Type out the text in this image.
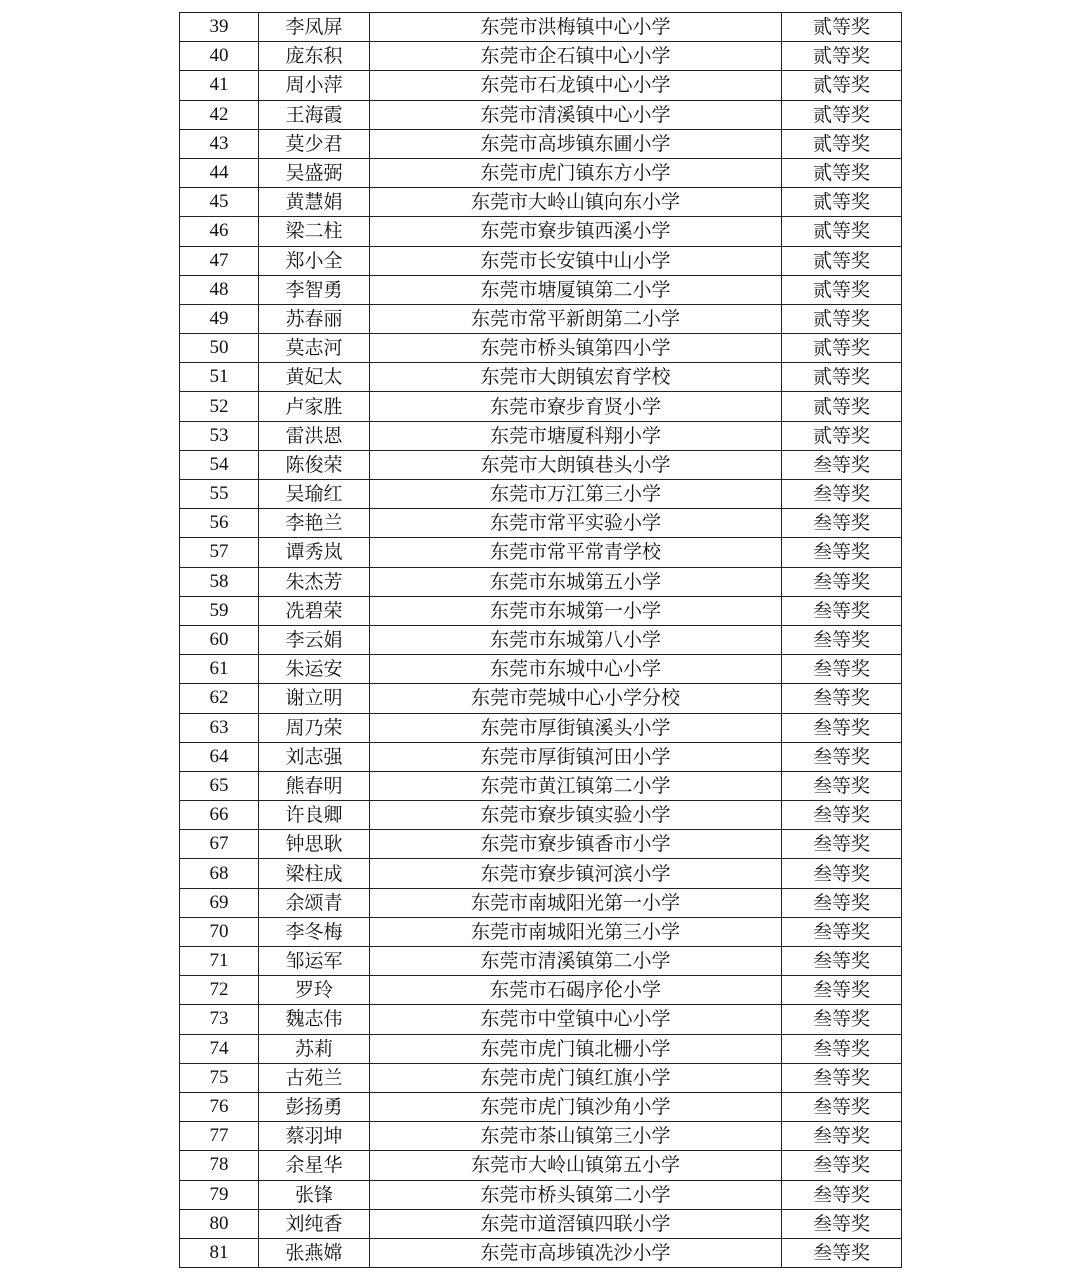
39	李凤屏	东莞市洪梅镇中心小学	贰等奖
40	庞东积	东莞市企石镇中心小学	贰等奖
41	周小萍	东莞市石龙镇中心小学	贰等奖
42	王海霞	东莞市清溪镇中心小学	贰等奖
43	莫少君	东莞市高埗镇东圃小学	贰等奖
44	吴盛弼	东莞市虎门镇东方小学	贰等奖
45	黄慧娟	东莞市大岭山镇向东小学	贰等奖
46	梁二柱	东莞市寮步镇西溪小学	贰等奖
47	郑小全	东莞市长安镇中山小学	贰等奖
48	李智勇	东莞市塘厦镇第二小学	贰等奖
49	苏春丽	东莞市常平新朗第二小学	贰等奖
50	莫志河	东莞市桥头镇第四小学	贰等奖
51	黄妃太	东莞市大朗镇宏育学校	贰等奖
52	卢家胜	东莞市寮步育贤小学	贰等奖
53	雷洪恩	东莞市塘厦科翔小学	贰等奖
54	陈俊荣	东莞市大朗镇巷头小学	叁等奖
55	吴瑜红	东莞市万江第三小学	叁等奖
56	李艳兰	东莞市常平实验小学	叁等奖
57	谭秀岚	东莞市常平常青学校	叁等奖
58	朱杰芳	东莞市东城第五小学	叁等奖
59	冼碧荣	东莞市东城第一小学	叁等奖
60	李云娟	东莞市东城第八小学	叁等奖
61	朱运安	东莞市东城中心小学	叁等奖
62	谢立明	东莞市莞城中心小学分校	叁等奖
63	周乃荣	东莞市厚街镇溪头小学	叁等奖
64	刘志强	东莞市厚街镇河田小学	叁等奖
65	熊春明	东莞市黄江镇第二小学	叁等奖
66	许良卿	东莞市寮步镇实验小学	叁等奖
67	钟思耿	东莞市寮步镇香市小学	叁等奖
68	梁柱成	东莞市寮步镇河滨小学	叁等奖
69	余颂青	东莞市南城阳光第一小学	叁等奖
70	李冬梅	东莞市南城阳光第三小学	叁等奖
71	邹运军	东莞市清溪镇第二小学	叁等奖
72	罗玲	东莞市石碣序伦小学	叁等奖
73	魏志伟	东莞市中堂镇中心小学	叁等奖
74	苏莉	东莞市虎门镇北栅小学	叁等奖
75	古苑兰	东莞市虎门镇红旗小学	叁等奖
76	彭扬勇	东莞市虎门镇沙角小学	叁等奖
77	蔡羽坤	东莞市茶山镇第三小学	叁等奖
78	余星华	东莞市大岭山镇第五小学	叁等奖
79	张锋	东莞市桥头镇第二小学	叁等奖
80	刘纯香	东莞市道滘镇四联小学	叁等奖
81	张燕嫦	东莞市高埗镇冼沙小学	叁等奖
